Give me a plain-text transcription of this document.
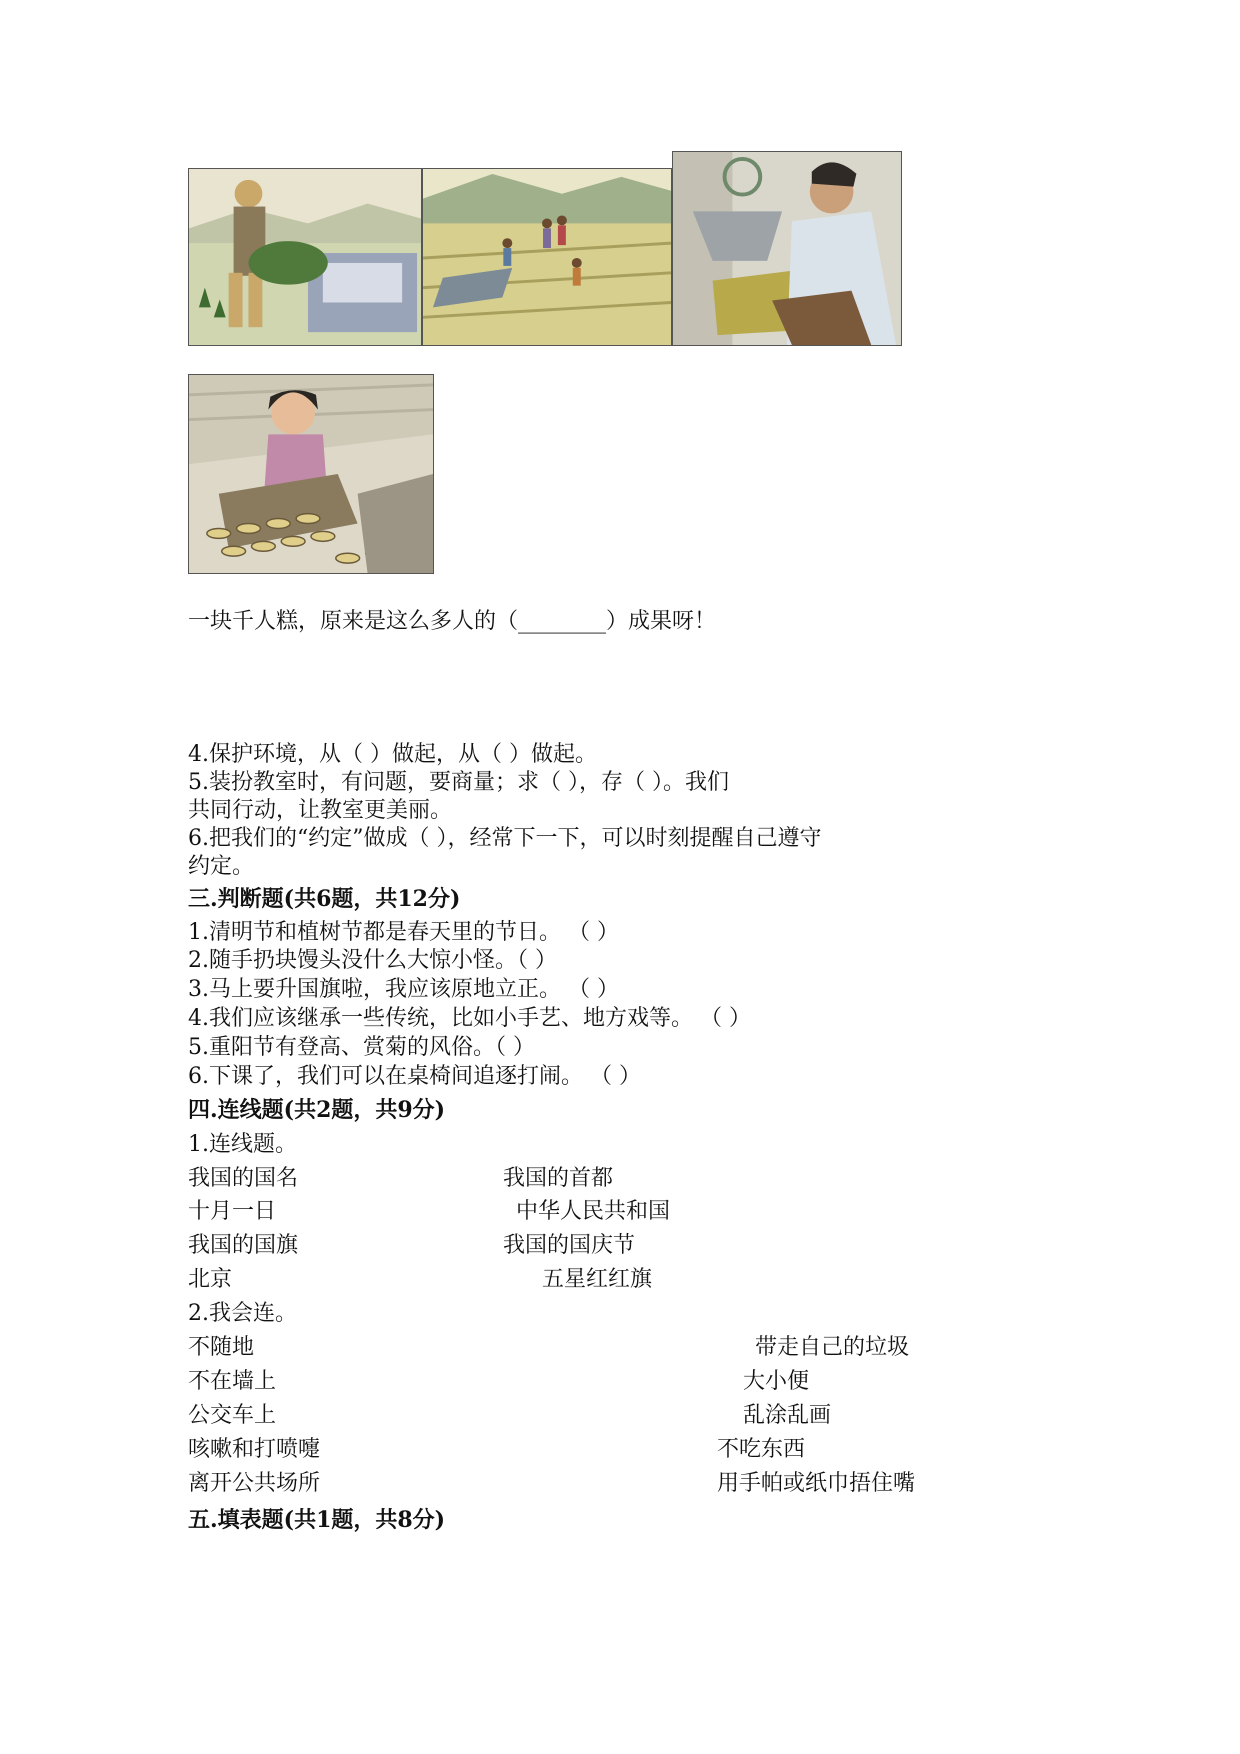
一块千人糕，原来是这么多人的（________）成果呀！
4.保护环境，从（ ）做起，从（ ）做起。
5.装扮教室时，有问题，要商量；求（ ），存（ ）。我们
共同行动，让教室更美丽。
6.把我们的“约定”做成（ ），经常下一下，可以时刻提醒自己遵守
约定。
三.判断题(共6题，共12分)
1.清明节和植树节都是春天里的节日。 （ ）
2.随手扔块馒头没什么大惊小怪。（ ）
3.马上要升国旗啦，我应该原地立正。 （ ）
4.我们应该继承一些传统，比如小手艺、地方戏等。 （ ）
5.重阳节有登高、赏菊的风俗。（ ）
6.下课了，我们可以在桌椅间追逐打闹。 （ ）
四.连线题(共2题，共9分)
1.连线题。
我国的国名	我国的首都
十月一日	中华人民共和国
我国的国旗	我国的国庆节
北京	五星红红旗
2.我会连。
不随地	带走自己的垃圾
不在墙上	大小便
公交车上	乱涂乱画
咳嗽和打喷嚏	不吃东西
离开公共场所	用手帕或纸巾捂住嘴
五.填表题(共1题，共8分)
